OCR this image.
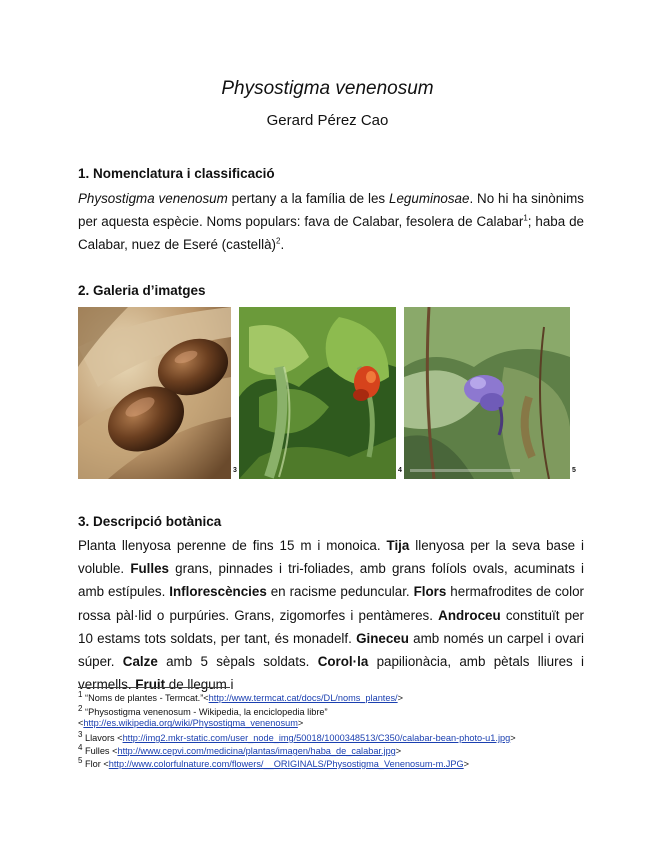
Physostigma venenosum

Gerard Pérez Cao

1. Nomenclatura i classificació

Physostigma venenosum pertany a la família de les Leguminosae. No hi ha sinònims per aquesta espècie. Noms populars: fava de Calabar, fesolera de Calabar$^1$; haba de Calabar, nuez de Eseré (castellà)$^2$.

2. Galeria d’imatges
3	4	5
3. Descripció botànica

Planta llenyosa perenne de fins 15 m i monoica. Tija llenyosa per la seva base i voluble. Fulles grans, pinnades i tri-foliades, amb grans folíols ovals, acuminats i amb estípules. Inflorescències en racisme peduncular. Flors hermafrodites de color rossa pàl·lid o purpúries. Grans, zigomorfes i pentàmeres. Androceu constituït per 10 estams tots soldats, per tant, és monadelf. Gineceu amb només un carpel i ovari súper. Calze amb 5 sèpals soldats. Corol·la papilionàcia, amb pètals lliures i vermells. Fruit de llegum i

$^1$ “Noms de plantes - Termcat.”<http://www.termcat.cat/docs/DL/noms_plantes/>

$^2$ “Physostigma venenosum - Wikipedia, la enciclopedia libre”
<http://es.wikipedia.org/wiki/Physostigma_venenosum>

$^3$ Llavors <http://img2.mkr-static.com/user_node_img/50018/1000348513/C350/calabar-bean-photo-u1.jpg>

$^4$ Fulles <http://www.cepvi.com/medicina/plantas/imagen/haba_de_calabar.jpg>

$^5$ Flor <http://www.colorfulnature.com/flowers/__ORIGINALS/Physostigma_Venenosum-m.JPG>
